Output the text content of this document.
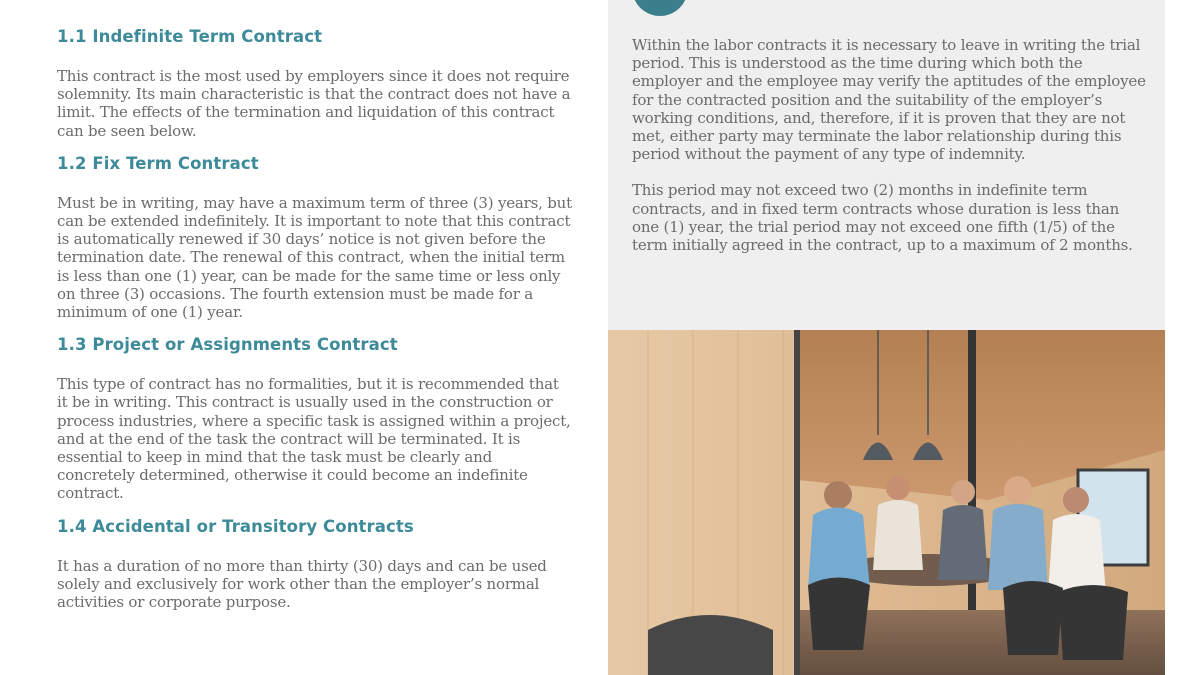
1.1 Indefinite Term Contract

This contract is the most used by employers since it does not require solemnity. Its main characteristic is that the contract does not have a limit. The effects of the termination and liquidation of this contract can be seen below.

1.2 Fix Term Contract

Must be in writing, may have a maximum term of three (3) years, but can be extended indefinitely. It is important to note that this contract is automatically renewed if 30 days’ notice is not given before the termination date. The renewal of this contract, when the initial term is less than one (1) year, can be made for the same time or less only on three (3) occasions. The fourth extension must be made for a minimum of one (1) year.

1.3 Project or Assignments Contract

This type of contract has no formalities, but it is recommended that it be in writing. This contract is usually used in the construction or process industries, where a specific task is assigned within a project, and at the end of the task the contract will be terminated. It is essential to keep in mind that the task must be clearly and concretely determined, otherwise it could become an indefinite contract.

1.4 Accidental or Transitory Contracts

It has a duration of no more than thirty (30) days and can be used solely and exclusively for work other than the employer’s normal activities or corporate purpose.

Within the labor contracts it is necessary to leave in writing the trial period. This is understood as the time during which both the employer and the employee may verify the aptitudes of the employee for the contracted position and the suitability of the employer’s working conditions, and, therefore, if it is proven that they are not met, either party may terminate the labor relationship during this period without the payment of any type of indemnity.

This period may not exceed two (2) months in indefinite term contracts, and in fixed term contracts whose duration is less than one (1) year, the trial period may not exceed one fifth (1/5) of the term initially agreed in the contract, up to a maximum of 2 months.
